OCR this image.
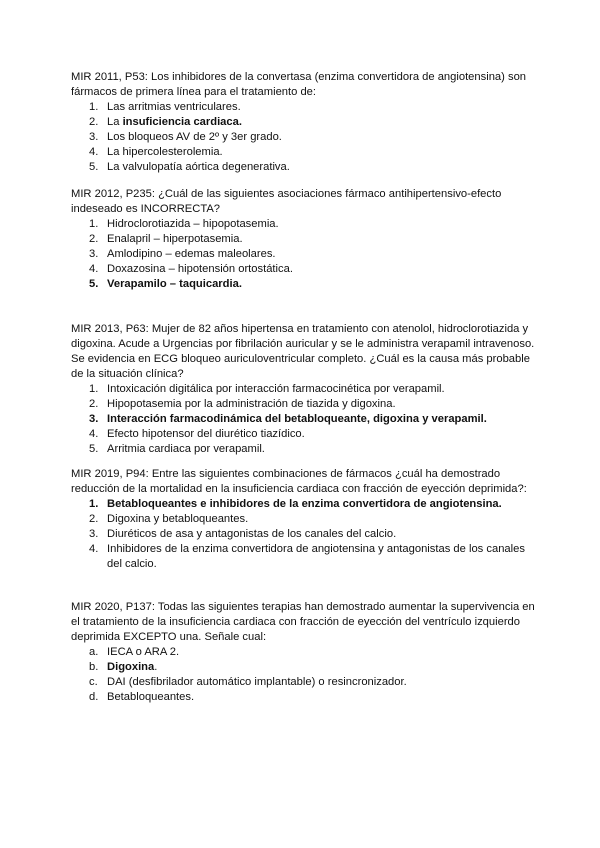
MIR 2011, P53: Los inhibidores de la convertasa (enzima convertidora de angiotensina) son fármacos de primera línea para el tratamiento de:

1. Las arritmias ventriculares.
2. La insuficiencia cardiaca.
3. Los bloqueos AV de 2º y 3er grado.
4. La hipercolesterolemia.
5. La valvulopatía aórtica degenerativa.

MIR 2012, P235: ¿Cuál de las siguientes asociaciones fármaco antihipertensivo-efecto indeseado es INCORRECTA?

1. Hidroclorotiazida – hipopotasemia.
2. Enalapril – hiperpotasemia.
3. Amlodipino – edemas maleolares.
4. Doxazosina – hipotensión ortostática.
5. Verapamilo – taquicardia.

MIR 2013, P63: Mujer de 82 años hipertensa en tratamiento con atenolol, hidroclorotiazida y digoxina. Acude a Urgencias por fibrilación auricular y se le administra verapamil intravenoso. Se evidencia en ECG bloqueo auriculoventricular completo. ¿Cuál es la causa más probable de la situación clínica?

1. Intoxicación digitálica por interacción farmacocinética por verapamil.
2. Hipopotasemia por la administración de tiazida y digoxina.
3. Interacción farmacodinámica del betabloqueante, digoxina y verapamil.
4. Efecto hipotensor del diurético tiazídico.
5. Arritmia cardiaca por verapamil.

MIR 2019, P94: Entre las siguientes combinaciones de fármacos ¿cuál ha demostrado reducción de la mortalidad en la insuficiencia cardiaca con fracción de eyección deprimida?:

1. Betabloqueantes e inhibidores de la enzima convertidora de angiotensina.
2. Digoxina y betabloqueantes.
3. Diuréticos de asa y antagonistas de los canales del calcio.
4. Inhibidores de la enzima convertidora de angiotensina y antagonistas de los canales del calcio.

MIR 2020, P137: Todas las siguientes terapias han demostrado aumentar la supervivencia en el tratamiento de la insuficiencia cardiaca con fracción de eyección del ventrículo izquierdo deprimida EXCEPTO una. Señale cual:

a. IECA o ARA 2.
b. Digoxina.
c. DAI (desfibrilador automático implantable) o resincronizador.
d. Betabloqueantes.
